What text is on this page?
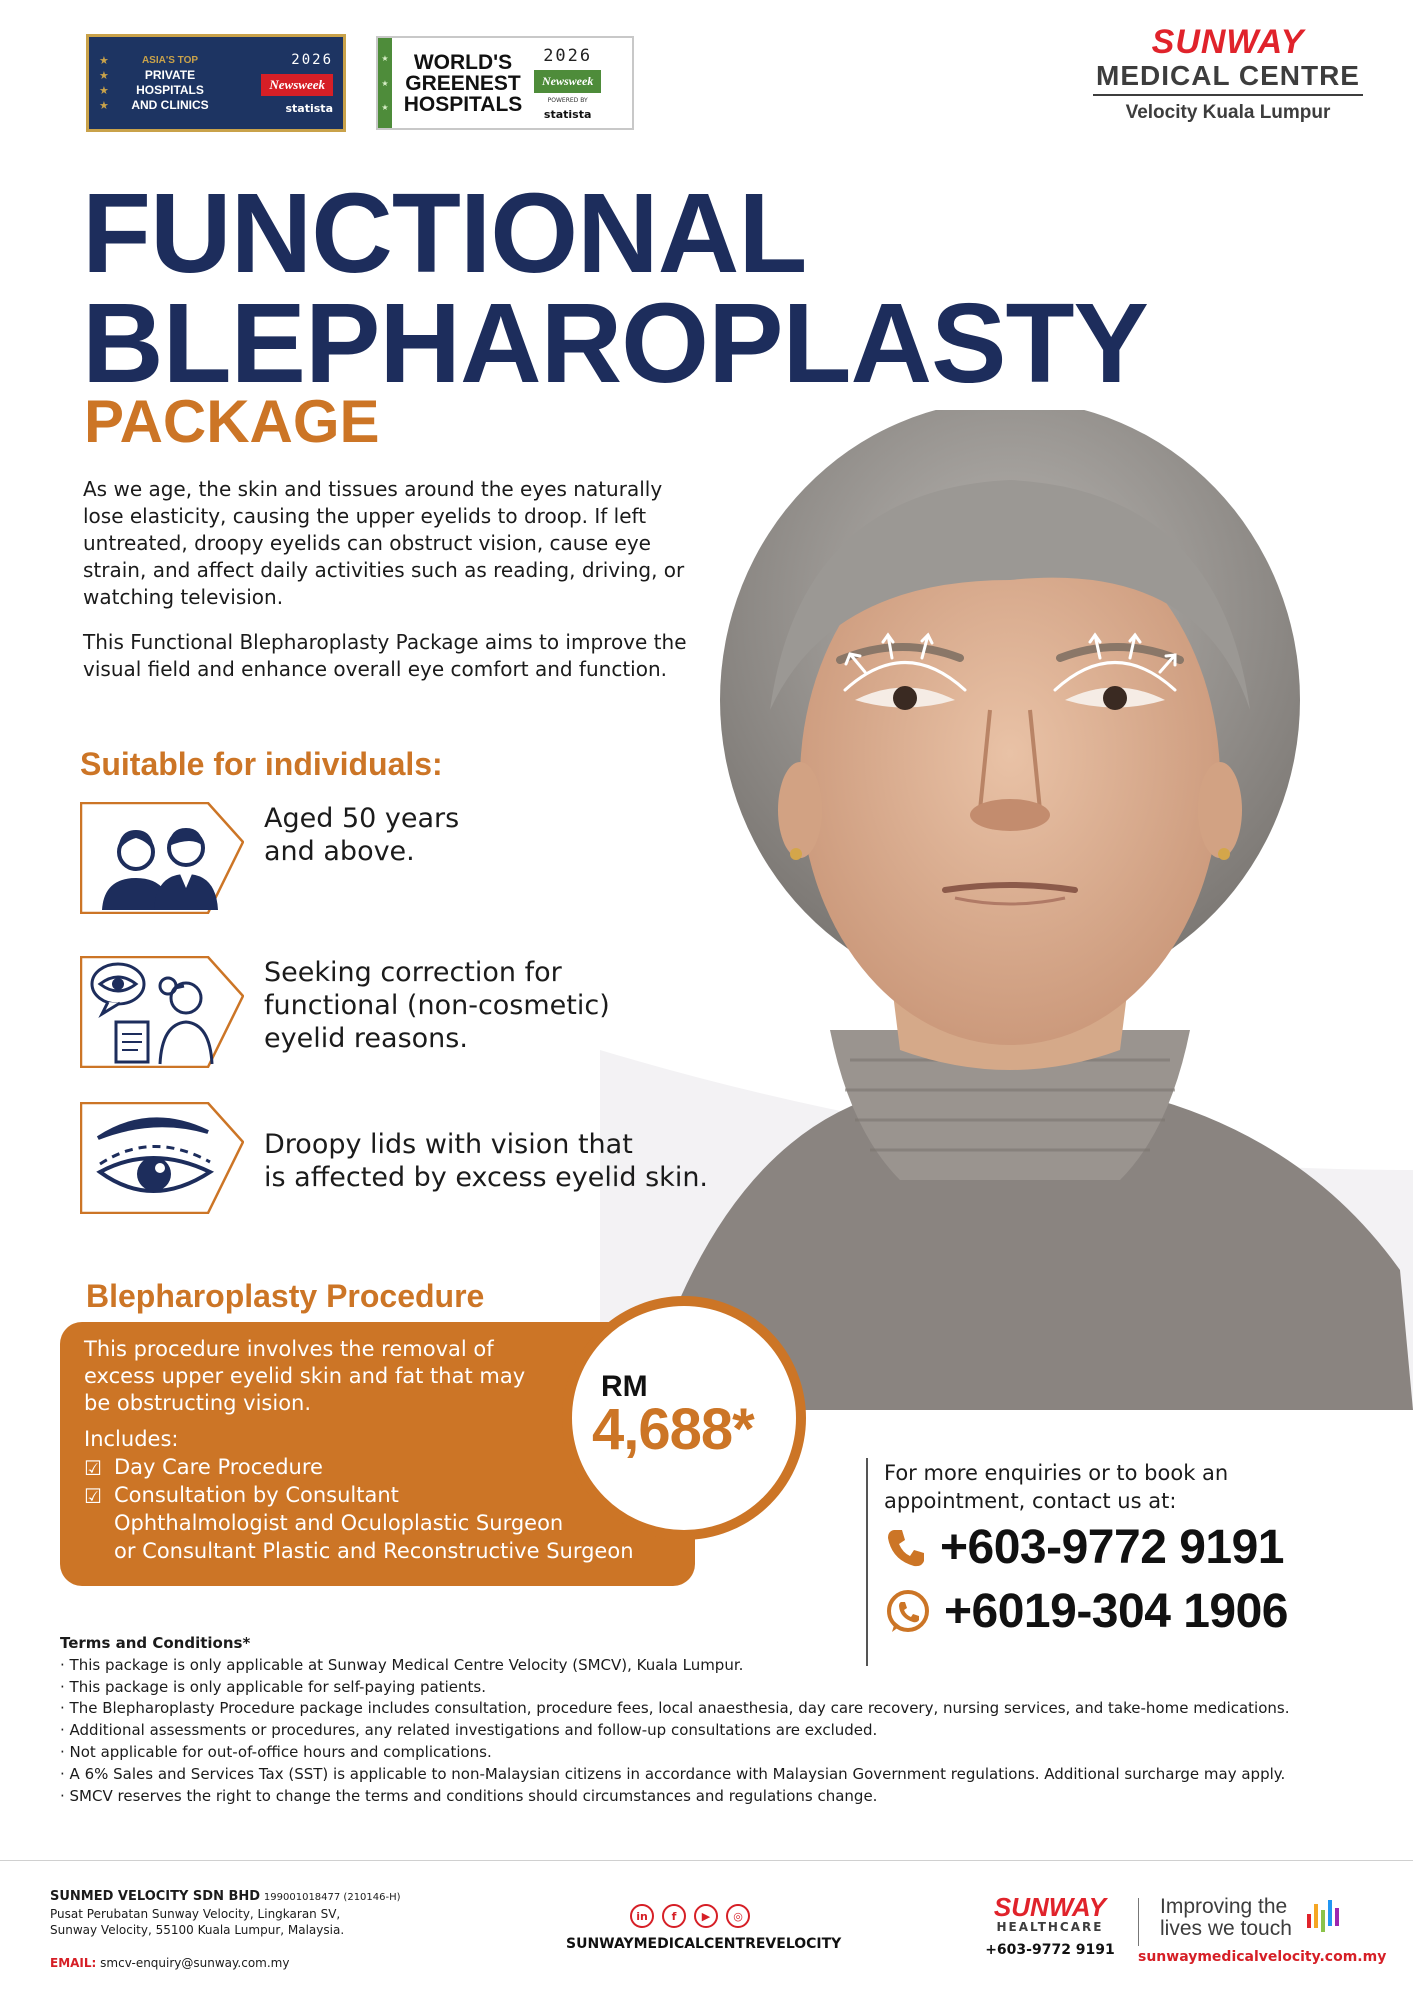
★
★
★
★
ASIA'S TOP
PRIVATE
HOSPITALS
AND CLINICS
2026
Newsweek
statista
★
★
★
WORLD'S
GREENEST
HOSPITALS
2026
Newsweek
POWERED BY
statista
SUNWAY
MEDICAL CENTRE
Velocity Kuala Lumpur
FUNCTIONAL
BLEPHAROPLASTY
PACKAGE

As we age, the skin and tissues around the eyes naturally lose elasticity, causing the upper eyelids to droop. If left untreated, droopy eyelids can obstruct vision, cause eye strain, and affect daily activities such as reading, driving, or watching television.

This Functional Blepharoplasty Package aims to improve the visual field and enhance overall eye comfort and function.

Suitable for individuals:
Aged 50 years
and above.
Seeking correction for
functional (non-cosmetic)
eyelid reasons.
Droopy lids with vision that
is affected by excess eyelid skin.
Blepharoplasty Procedure
This procedure involves the removal of excess upper eyelid skin and fat that may be obstructing vision.
Includes:
☑ Day Care Procedure
☑ Consultation by Consultant
Ophthalmologist and Oculoplastic Surgeon
or Consultant Plastic and Reconstructive Surgeon
RM
4,688*
For more enquiries or to book an appointment, contact us at:
+603-9772 9191
+6019-304 1906
Terms and Conditions*
· This package is only applicable at Sunway Medical Centre Velocity (SMCV), Kuala Lumpur.
· This package is only applicable for self-paying patients.
· The Blepharoplasty Procedure package includes consultation, procedure fees, local anaesthesia, day care recovery, nursing services, and take-home medications.
· Additional assessments or procedures, any related investigations and follow-up consultations are excluded.
· Not applicable for out-of-office hours and complications.
· A 6% Sales and Services Tax (SST) is applicable to non-Malaysian citizens in accordance with Malaysian Government regulations. Additional surcharge may apply.
· SMCV reserves the right to change the terms and conditions should circumstances and regulations change.
SUNMED VELOCITY SDN BHD 199001018477 (210146-H)
Pusat Perubatan Sunway Velocity, Lingkaran SV,
Sunway Velocity, 55100 Kuala Lumpur, Malaysia.
EMAIL: smcv-enquiry@sunway.com.my
in	f	▶	◎
SUNWAYMEDICALCENTREVELOCITY
SUNWAY
HEALTHCARE
+603-9772 9191
Improving the
lives we touch
sunwaymedicalvelocity.com.my
